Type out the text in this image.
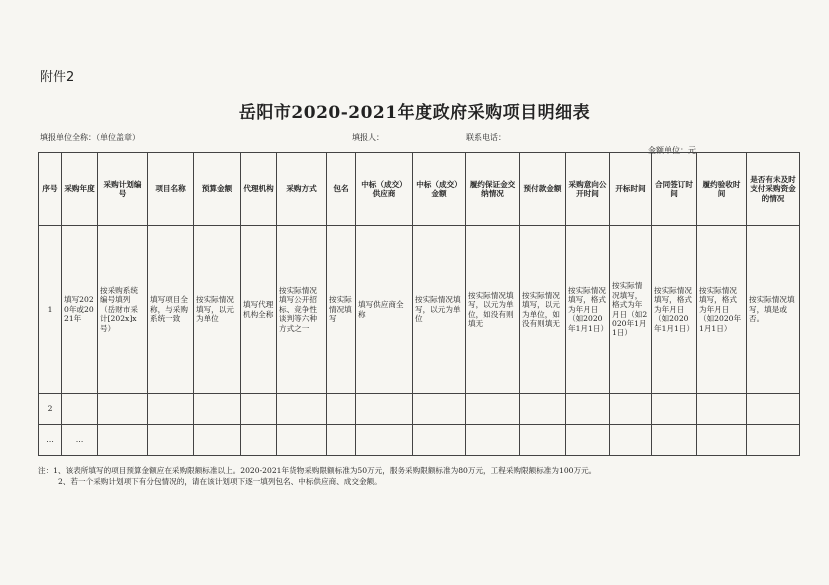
附件2
岳阳市2020-2021年度政府采购项目明细表
填报单位全称：（单位盖章）	填报人：	联系电话：
金额单位：元
序号	采购年度	采购计划编号	项目名称	预算金额	代理机构	采购方式	包名	中标（成交）供应商	中标（成交）金额	履约保证金交纳情况	预付款金额	采购意向公开时间	开标时间	合同签订时间	履约验收时间	是否有未及时支付采购资金的情况
1	填写2020年或2021年	按采购系统编号填列（岳财市采计[202x]x号）	填写项目全称，与采购系统一致	按实际情况填写，以元为单位	填写代理机构全称	按实际情况填写公开招标、竞争性谈判等六种方式之一	按实际情况填写	填写供应商全称	按实际情况填写，以元为单位	按实际情况填写，以元为单位，如没有则填无	按实际情况填写，以元为单位，如没有则填无	按实际情况填写，格式为年月日（如2020年1月1日）	按实际情况填写，格式为年月日（如2020年1月1日）	按实际情况填写，格式为年月日（如2020年1月1日）	按实际情况填写，格式为年月日（如2020年1月1日）	按实际情况填写，填是或否。
2																
…	…															
注：1、该表所填写的项目预算金额应在采购限额标准以上。2020-2021年货物采购限额标准为50万元，服务采购限额标准为80万元，工程采购限额标准为100万元。
2、若一个采购计划项下有分包情况的，请在该计划项下逐一填列包名、中标供应商、成交金额。
